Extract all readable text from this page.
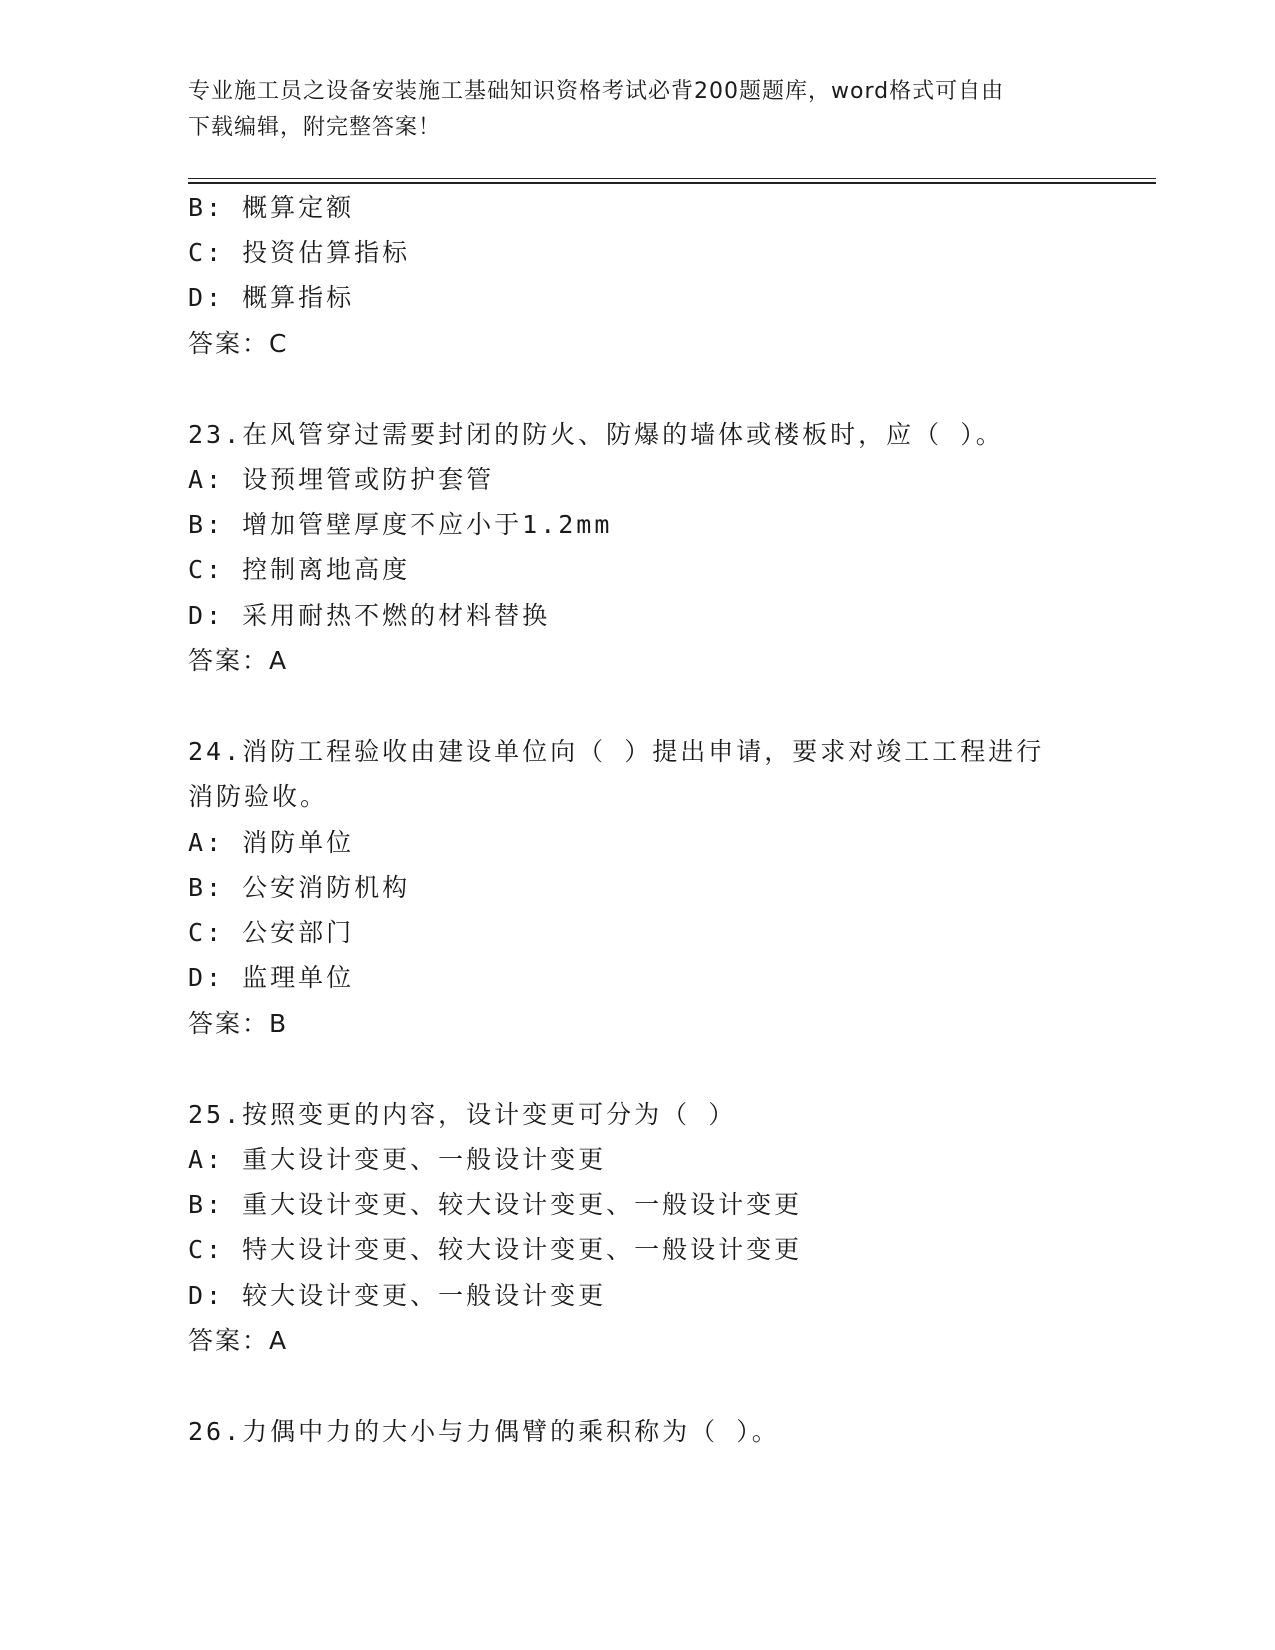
专业施工员之设备安装施工基础知识资格考试必背200题题库，word格式可自由
下载编辑，附完整答案！
B: 概算定额
C: 投资估算指标
D: 概算指标
答案：C
23.在风管穿过需要封闭的防火、防爆的墙体或楼板时，应（ ）。
A: 设预埋管或防护套管
B: 增加管壁厚度不应小于1.2mm
C: 控制离地高度
D: 采用耐热不燃的材料替换
答案：A
24.消防工程验收由建设单位向（ ）提出申请，要求对竣工工程进行
消防验收。
A: 消防单位
B: 公安消防机构
C: 公安部门
D: 监理单位
答案：B
25.按照变更的内容，设计变更可分为（ ）
A: 重大设计变更、一般设计变更
B: 重大设计变更、较大设计变更、一般设计变更
C: 特大设计变更、较大设计变更、一般设计变更
D: 较大设计变更、一般设计变更
答案：A
26.力偶中力的大小与力偶臂的乘积称为（ ）。
